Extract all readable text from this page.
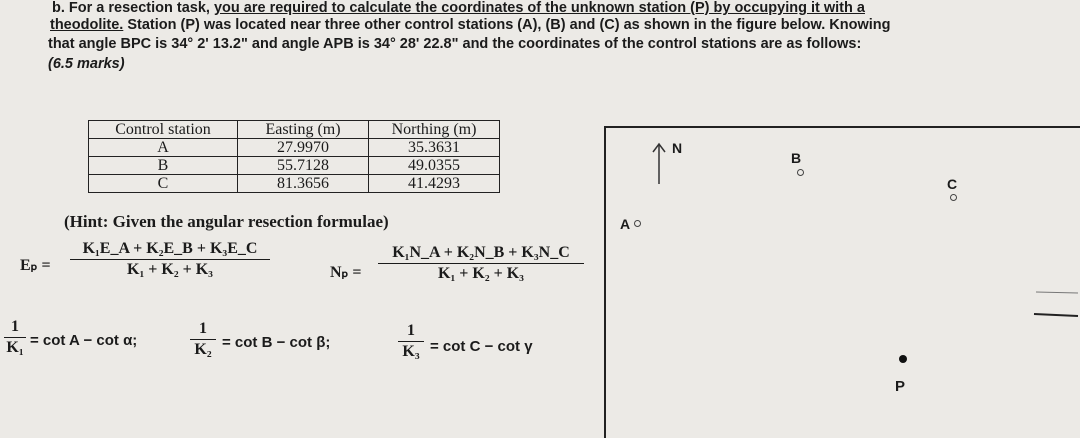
b. For a resection task, you are required to calculate the coordinates of the unknown station (P) by occupying it with a
theodolite. Station (P) was located near three other control stations (A), (B) and (C) as shown in the figure below. Knowing
that angle BPC is 34° 2' 13.2" and angle APB is 34° 28' 22.8" and the coordinates of the control stations are as follows:
(6.5 marks)
Control station	Easting (m)	Northing (m)
A	27.9970	35.3631
B	55.7128	49.0355
C	81.3656	41.4293
(Hint: Given the angular resection formulae)
$E_p = \frac{\text{K₁E\_A + K₂E\_B + K₃E\_C}}{\text{K₁ + K₂ + K₃}}$	$N_p = \frac{\text{K₁N\_A + K₂N\_B + K₃N\_C}}{\text{K₁ + K₂ + K₃}}$
$\frac{1}{\text{K₁}} = \cot A - \cot \alpha$;	$\frac{1}{\text{K₂}} = \cot B - \cot \beta$;	$\frac{1}{\text{K₃}} = \cot C - \cot \gamma$
N
A
B
C
P
